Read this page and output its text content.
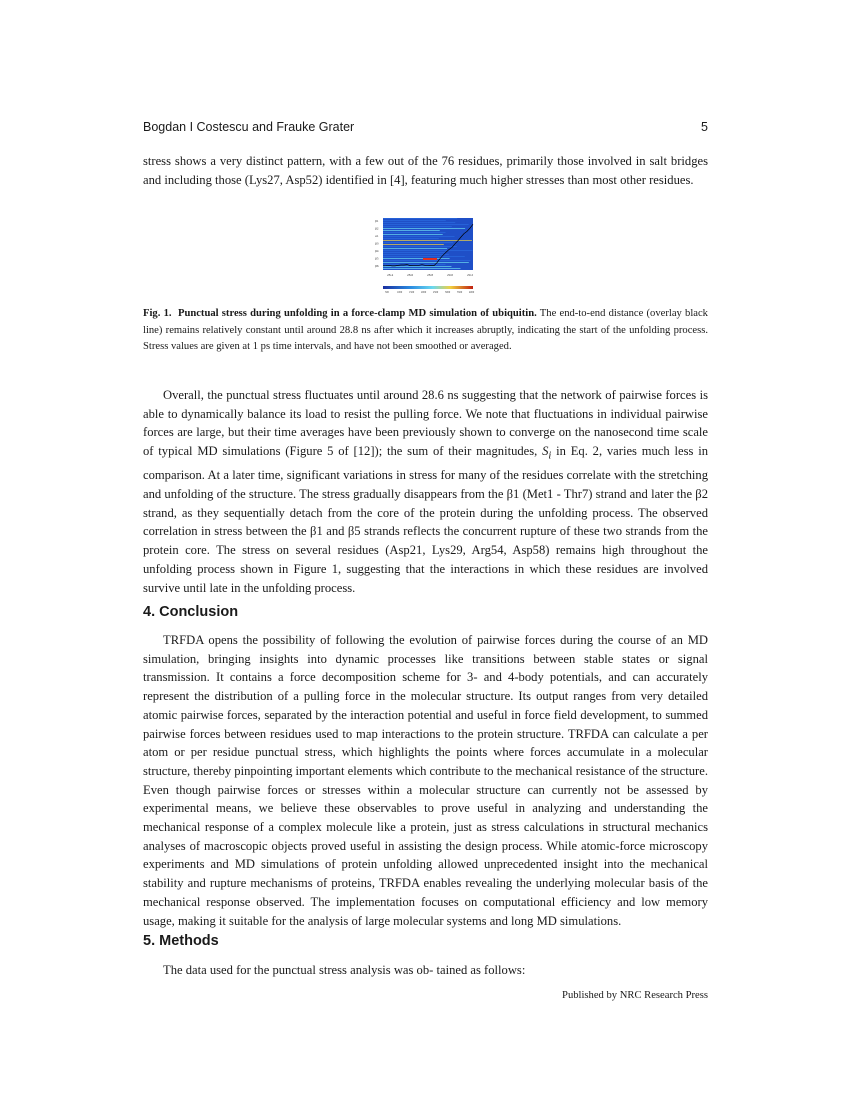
Bogdan I Costescu and Frauke Grater	5

stress shows a very distinct pattern, with a few out of the 76 residues, primarily those involved in salt bridges and including those (Lys27, Asp52) identified in [4], featuring much higher stresses than most other residues.

β1
β2
α1
β3
β4
β5
β6
28.4	28.6	28.8	29.0	29.2
500	1000	1500	2000	2500	3000	3500	4000

Fig. 1. Punctual stress during unfolding in a force-clamp MD simulation of ubiquitin. The end-to-end distance (overlay black line) remains relatively constant until around 28.8 ns after which it increases abruptly, indicating the start of the unfolding process. Stress values are given at 1 ps time intervals, and have not been smoothed or averaged.

Overall, the punctual stress fluctuates until around 28.6 ns suggesting that the network of pairwise forces is able to dynamically balance its load to resist the pulling force. We note that fluctuations in individual pairwise forces are large, but their time averages have been previously shown to converge on the nanosecond time scale of typical MD simulations (Figure 5 of [12]); the sum of their magnitudes, $S_i$ in Eq. 2, varies much less in comparison. At a later time, significant variations in stress for many of the residues correlate with the stretching and unfolding of the structure. The stress gradually disappears from the β1 (Met1 - Thr7) strand and later the β2 strand, as they sequentially detach from the core of the protein during the unfolding process. The observed correlation in stress between the β1 and β5 strands reflects the concurrent rupture of these two strands from the protein core. The stress on several residues (Asp21, Lys29, Arg54, Asp58) remains high throughout the unfolding process shown in Figure 1, suggesting that the interactions in which these residues are involved survive until late in the unfolding process.

4. Conclusion

TRFDA opens the possibility of following the evolution of pairwise forces during the course of an MD simulation, bringing insights into dynamic processes like transitions between stable states or signal transmission. It contains a force decomposition scheme for 3- and 4-body potentials, and can accurately represent the distribution of a pulling force in the molecular structure. Its output ranges from very detailed atomic pairwise forces, separated by the interaction potential and useful in force field development, to summed pairwise forces between residues used to map interactions to the protein structure. TRFDA can calculate a per atom or per residue punctual stress, which highlights the points where forces accumulate in a molecular structure, thereby pinpointing important elements which contribute to the mechanical resistance of the structure. Even though pairwise forces or stresses within a molecular structure can currently not be assessed by experimental means, we believe these observables to prove useful in analyzing and understanding the mechanical response of a complex molecule like a protein, just as stress calculations in structural mechanics analyses of macroscopic objects proved useful in assisting the design process. While atomic-force microscopy experiments and MD simulations of protein unfolding allowed unprecedented insight into the mechanical stability and rupture mechanisms of proteins, TRFDA enables revealing the underlying molecular basis of the mechanical response observed. The implementation focuses on computational efficiency and low memory usage, making it suitable for the analysis of large molecular systems and long MD simulations.

5. Methods

The data used for the punctual stress analysis was ob- tained as follows:

Published by NRC Research Press
